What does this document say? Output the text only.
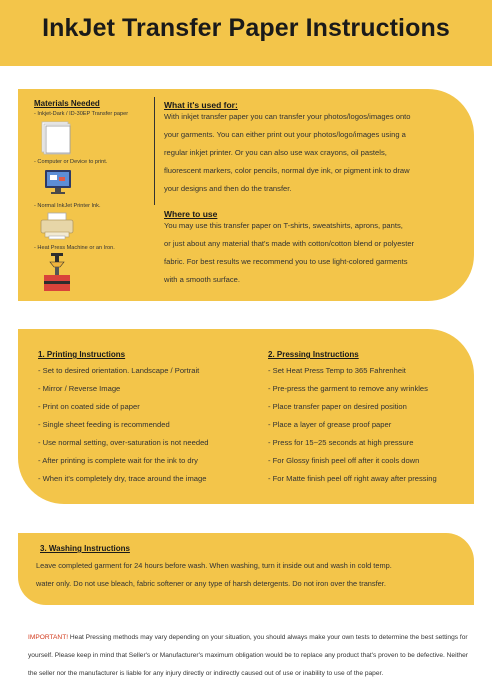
InkJet Transfer Paper Instructions
Materials Needed
- Inkjet-Dark / ID-30EP Transfer paper
- Computer or Device to print.
- Normal InkJet Printer Ink.
- Heat Press Machine or an Iron.
What it's used for:
With inkjet transfer paper you can transfer your photos/logos/images onto
your garments. You can either print out your photos/logo/images using a
regular inkjet printer. Or you can also use wax crayons, oil pastels,
fluorescent markers, color pencils, normal dye ink, or pigment ink to draw
your designs and then do the transfer.
Where to use
You may use this transfer paper on T-shirts, sweatshirts, aprons, pants,
or just about any material that's made with cotton/cotton blend or polyester
fabric. For best results we recommend you to use light-colored garments
with a smooth surface.
1. Printing Instructions
- Set to desired orientation. Landscape / Portrait
- Mirror / Reverse Image
- Print on coated side of paper
- Single sheet feeding is recommended
- Use normal setting, over-saturation is not needed
- After printing is complete wait for the ink to dry
- When it's completely dry, trace around the image
2. Pressing Instructions
- Set Heat Press Temp to 365 Fahrenheit
- Pre-press the garment to remove any wrinkles
- Place transfer paper on desired position
- Place a layer of grease proof paper
- Press for 15~25 seconds at high pressure
- For Glossy finish peel off after it cools down
- For Matte finish peel off right away after pressing
3. Washing Instructions
Leave completed garment for 24 hours before wash. When washing, turn it inside out and wash in cold temp.
water only. Do not use bleach, fabric softener or any type of harsh detergents. Do not iron over the transfer.
IMPORTANT! Heat Pressing methods may vary depending on your situation, you should always make your own tests to determine the best settings for yourself. Please keep in mind that Seller's or Manufacturer's maximum obligation would be to replace any product that's proven to be defective. Neither the seller nor the manufacturer is liable for any injury directly or indirectly caused out of use or inability to use of the paper.
